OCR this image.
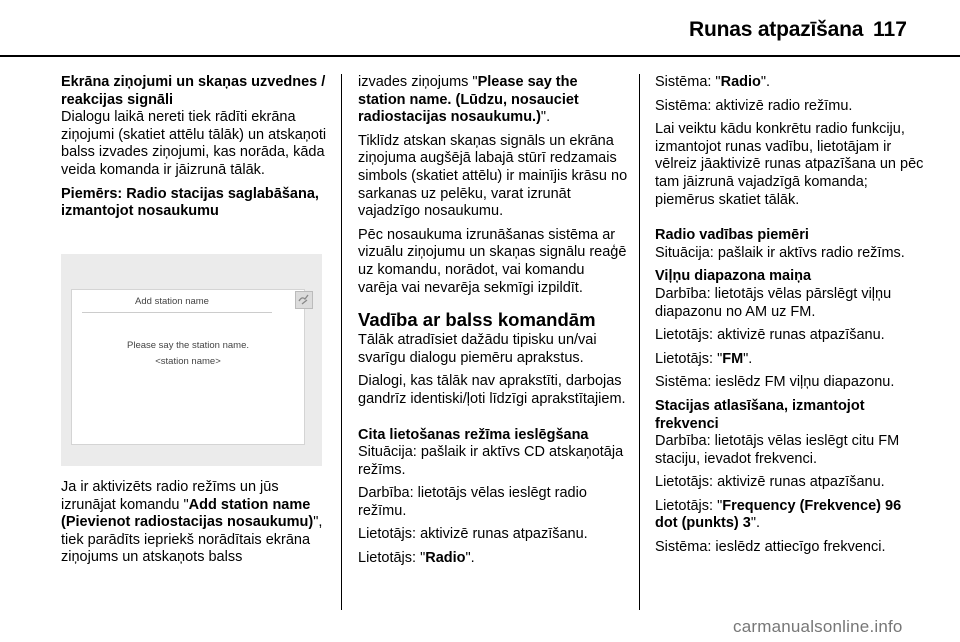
Runas atpazīšana 117

Ekrāna ziņojumi un skaņas uzvednes / reakcijas signāli

Dialogu laikā nereti tiek rādīti ekrāna ziņojumi (skatiet attēlu tālāk) un atskaņoti balss izvades ziņojumi, kas norāda, kāda veida komanda ir jāizrunā tālāk.

Piemērs: Radio stacijas saglabāšana, izmantojot nosaukumu

Add station name
Please say the station name.
<station name>

Ja ir aktivizēts radio režīms un jūs izrunājat komandu "Add station name (Pievienot radiostacijas nosaukumu)", tiek parādīts iepriekš norādītais ekrāna ziņojums un atskaņots balss

izvades ziņojums "Please say the station name. (Lūdzu, nosauciet radiostacijas nosaukumu.)".

Tiklīdz atskan skaņas signāls un ekrāna ziņojuma augšējā labajā stūrī redzamais simbols (skatiet attēlu) ir mainījis krāsu no sarkanas uz pelēku, varat izrunāt vajadzīgo nosaukumu.

Pēc nosaukuma izrunāšanas sistēma ar vizuālu ziņojumu un skaņas signālu reaģē uz komandu, norādot, vai komandu varēja vai nevarēja sekmīgi izpildīt.

Vadība ar balss komandām

Tālāk atradīsiet dažādu tipisku un/vai svarīgu dialogu piemēru aprakstus.

Dialogi, kas tālāk nav aprakstīti, darbojas gandrīz identiski/ļoti līdzīgi aprakstītajiem.

Cita lietošanas režīma ieslēgšana

Situācija: pašlaik ir aktīvs CD atskaņotāja režīms.

Darbība: lietotājs vēlas ieslēgt radio režīmu.

Lietotājs: aktivizē runas atpazīšanu.

Lietotājs: "Radio".

Sistēma: "Radio".

Sistēma: aktivizē radio režīmu.

Lai veiktu kādu konkrētu radio funkciju, izmantojot runas vadību, lietotājam ir vēlreiz jāaktivizē runas atpazīšana un pēc tam jāizrunā vajadzīgā komanda; piemērus skatiet tālāk.

Radio vadības piemēri

Situācija: pašlaik ir aktīvs radio režīms.

Viļņu diapazona maiņa

Darbība: lietotājs vēlas pārslēgt viļņu diapazonu no AM uz FM.

Lietotājs: aktivizē runas atpazīšanu.

Lietotājs: "FM".

Sistēma: ieslēdz FM viļņu diapazonu.

Stacijas atlasīšana, izmantojot frekvenci

Darbība: lietotājs vēlas ieslēgt citu FM staciju, ievadot frekvenci.

Lietotājs: aktivizē runas atpazīšanu.

Lietotājs: "Frequency (Frekvence) 96 dot (punkts) 3".

Sistēma: ieslēdz attiecīgo frekvenci.

carmanualsonline.info
